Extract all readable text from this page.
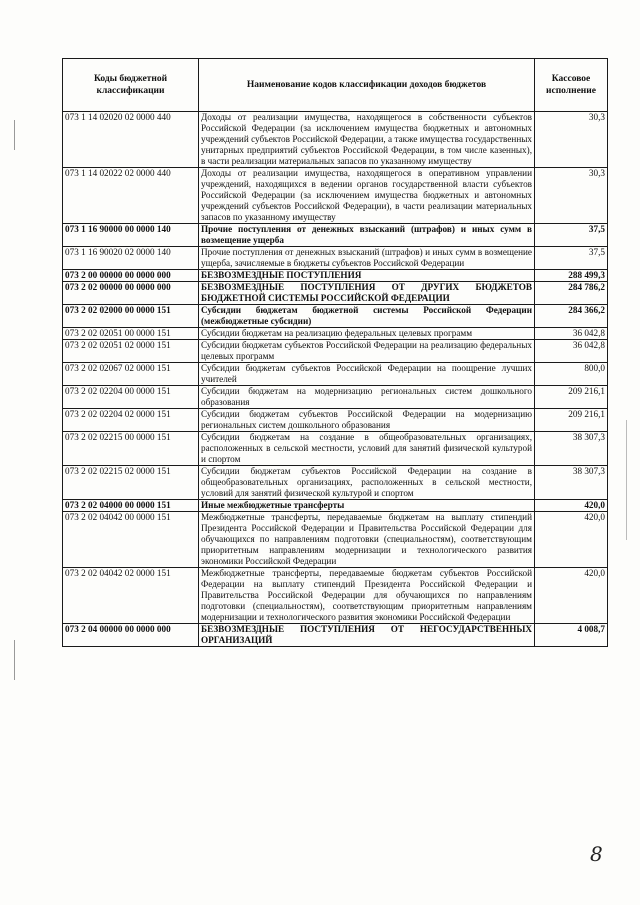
Коды бюджетной классификации	Наименование кодов классификации доходов бюджетов	Кассовое исполнение
073 1 14 02020 02 0000 440	Доходы от реализации имущества, находящегося в собственности субъектов Российской Федерации (за исключением имущества бюджетных и автономных учреждений субъектов Российской Федерации, а также имущества государственных унитарных предприятий субъектов Российской Федерации, в том числе казенных), в части реализации материальных запасов по указанному имуществу	30,3
073 1 14 02022 02 0000 440	Доходы от реализации имущества, находящегося в оперативном управлении учреждений, находящихся в ведении органов государственной власти субъектов Российской Федерации (за исключением имущества бюджетных и автономных учреждений субъектов Российской Федерации), в части реализации материальных запасов по указанному имуществу	30,3
073 1 16 90000 00 0000 140	Прочие поступления от денежных взысканий (штрафов) и иных сумм в возмещение ущерба	37,5
073 1 16 90020 02 0000 140	Прочие поступления от денежных взысканий (штрафов) и иных сумм в возмещение ущерба, зачисляемые в бюджеты субъектов Российской Федерации	37,5
073 2 00 00000 00 0000 000	БЕЗВОЗМЕЗДНЫЕ ПОСТУПЛЕНИЯ	288 499,3
073 2 02 00000 00 0000 000	БЕЗВОЗМЕЗДНЫЕ ПОСТУПЛЕНИЯ ОТ ДРУГИХ БЮДЖЕТОВ БЮДЖЕТНОЙ СИСТЕМЫ РОССИЙСКОЙ ФЕДЕРАЦИИ	284 786,2
073 2 02 02000 00 0000 151	Субсидии бюджетам бюджетной системы Российской Федерации (межбюджетные субсидии)	284 366,2
073 2 02 02051 00 0000 151	Субсидии бюджетам на реализацию федеральных целевых программ	36 042,8
073 2 02 02051 02 0000 151	Субсидии бюджетам субъектов Российской Федерации на реализацию федеральных целевых программ	36 042,8
073 2 02 02067 02 0000 151	Субсидии бюджетам субъектов Российской Федерации на поощрение лучших учителей	800,0
073 2 02 02204 00 0000 151	Субсидии бюджетам на модернизацию региональных систем дошкольного образования	209 216,1
073 2 02 02204 02 0000 151	Субсидии бюджетам субъектов Российской Федерации на модернизацию региональных систем дошкольного образования	209 216,1
073 2 02 02215 00 0000 151	Субсидии бюджетам на создание в общеобразовательных организациях, расположенных в сельской местности, условий для занятий физической культурой и спортом	38 307,3
073 2 02 02215 02 0000 151	Субсидии бюджетам субъектов Российской Федерации на создание в общеобразовательных организациях, расположенных в сельской местности, условий для занятий физической культурой и спортом	38 307,3
073 2 02 04000 00 0000 151	Иные межбюджетные трансферты	420,0
073 2 02 04042 00 0000 151	Межбюджетные трансферты, передаваемые бюджетам на выплату стипендий Президента Российской Федерации и Правительства Российской Федерации для обучающихся по направлениям подготовки (специальностям), соответствующим приоритетным направлениям модернизации и технологического развития экономики Российской Федерации	420,0
073 2 02 04042 02 0000 151	Межбюджетные трансферты, передаваемые бюджетам субъектов Российской Федерации на выплату стипендий Президента Российской Федерации и Правительства Российской Федерации для обучающихся по направлениям подготовки (специальностям), соответствующим приоритетным направлениям модернизации и технологического развития экономики Российской Федерации	420,0
073 2 04 00000 00 0000 000	БЕЗВОЗМЕЗДНЫЕ ПОСТУПЛЕНИЯ ОТ НЕГОСУДАРСТВЕННЫХ ОРГАНИЗАЦИЙ	4 008,7
8
